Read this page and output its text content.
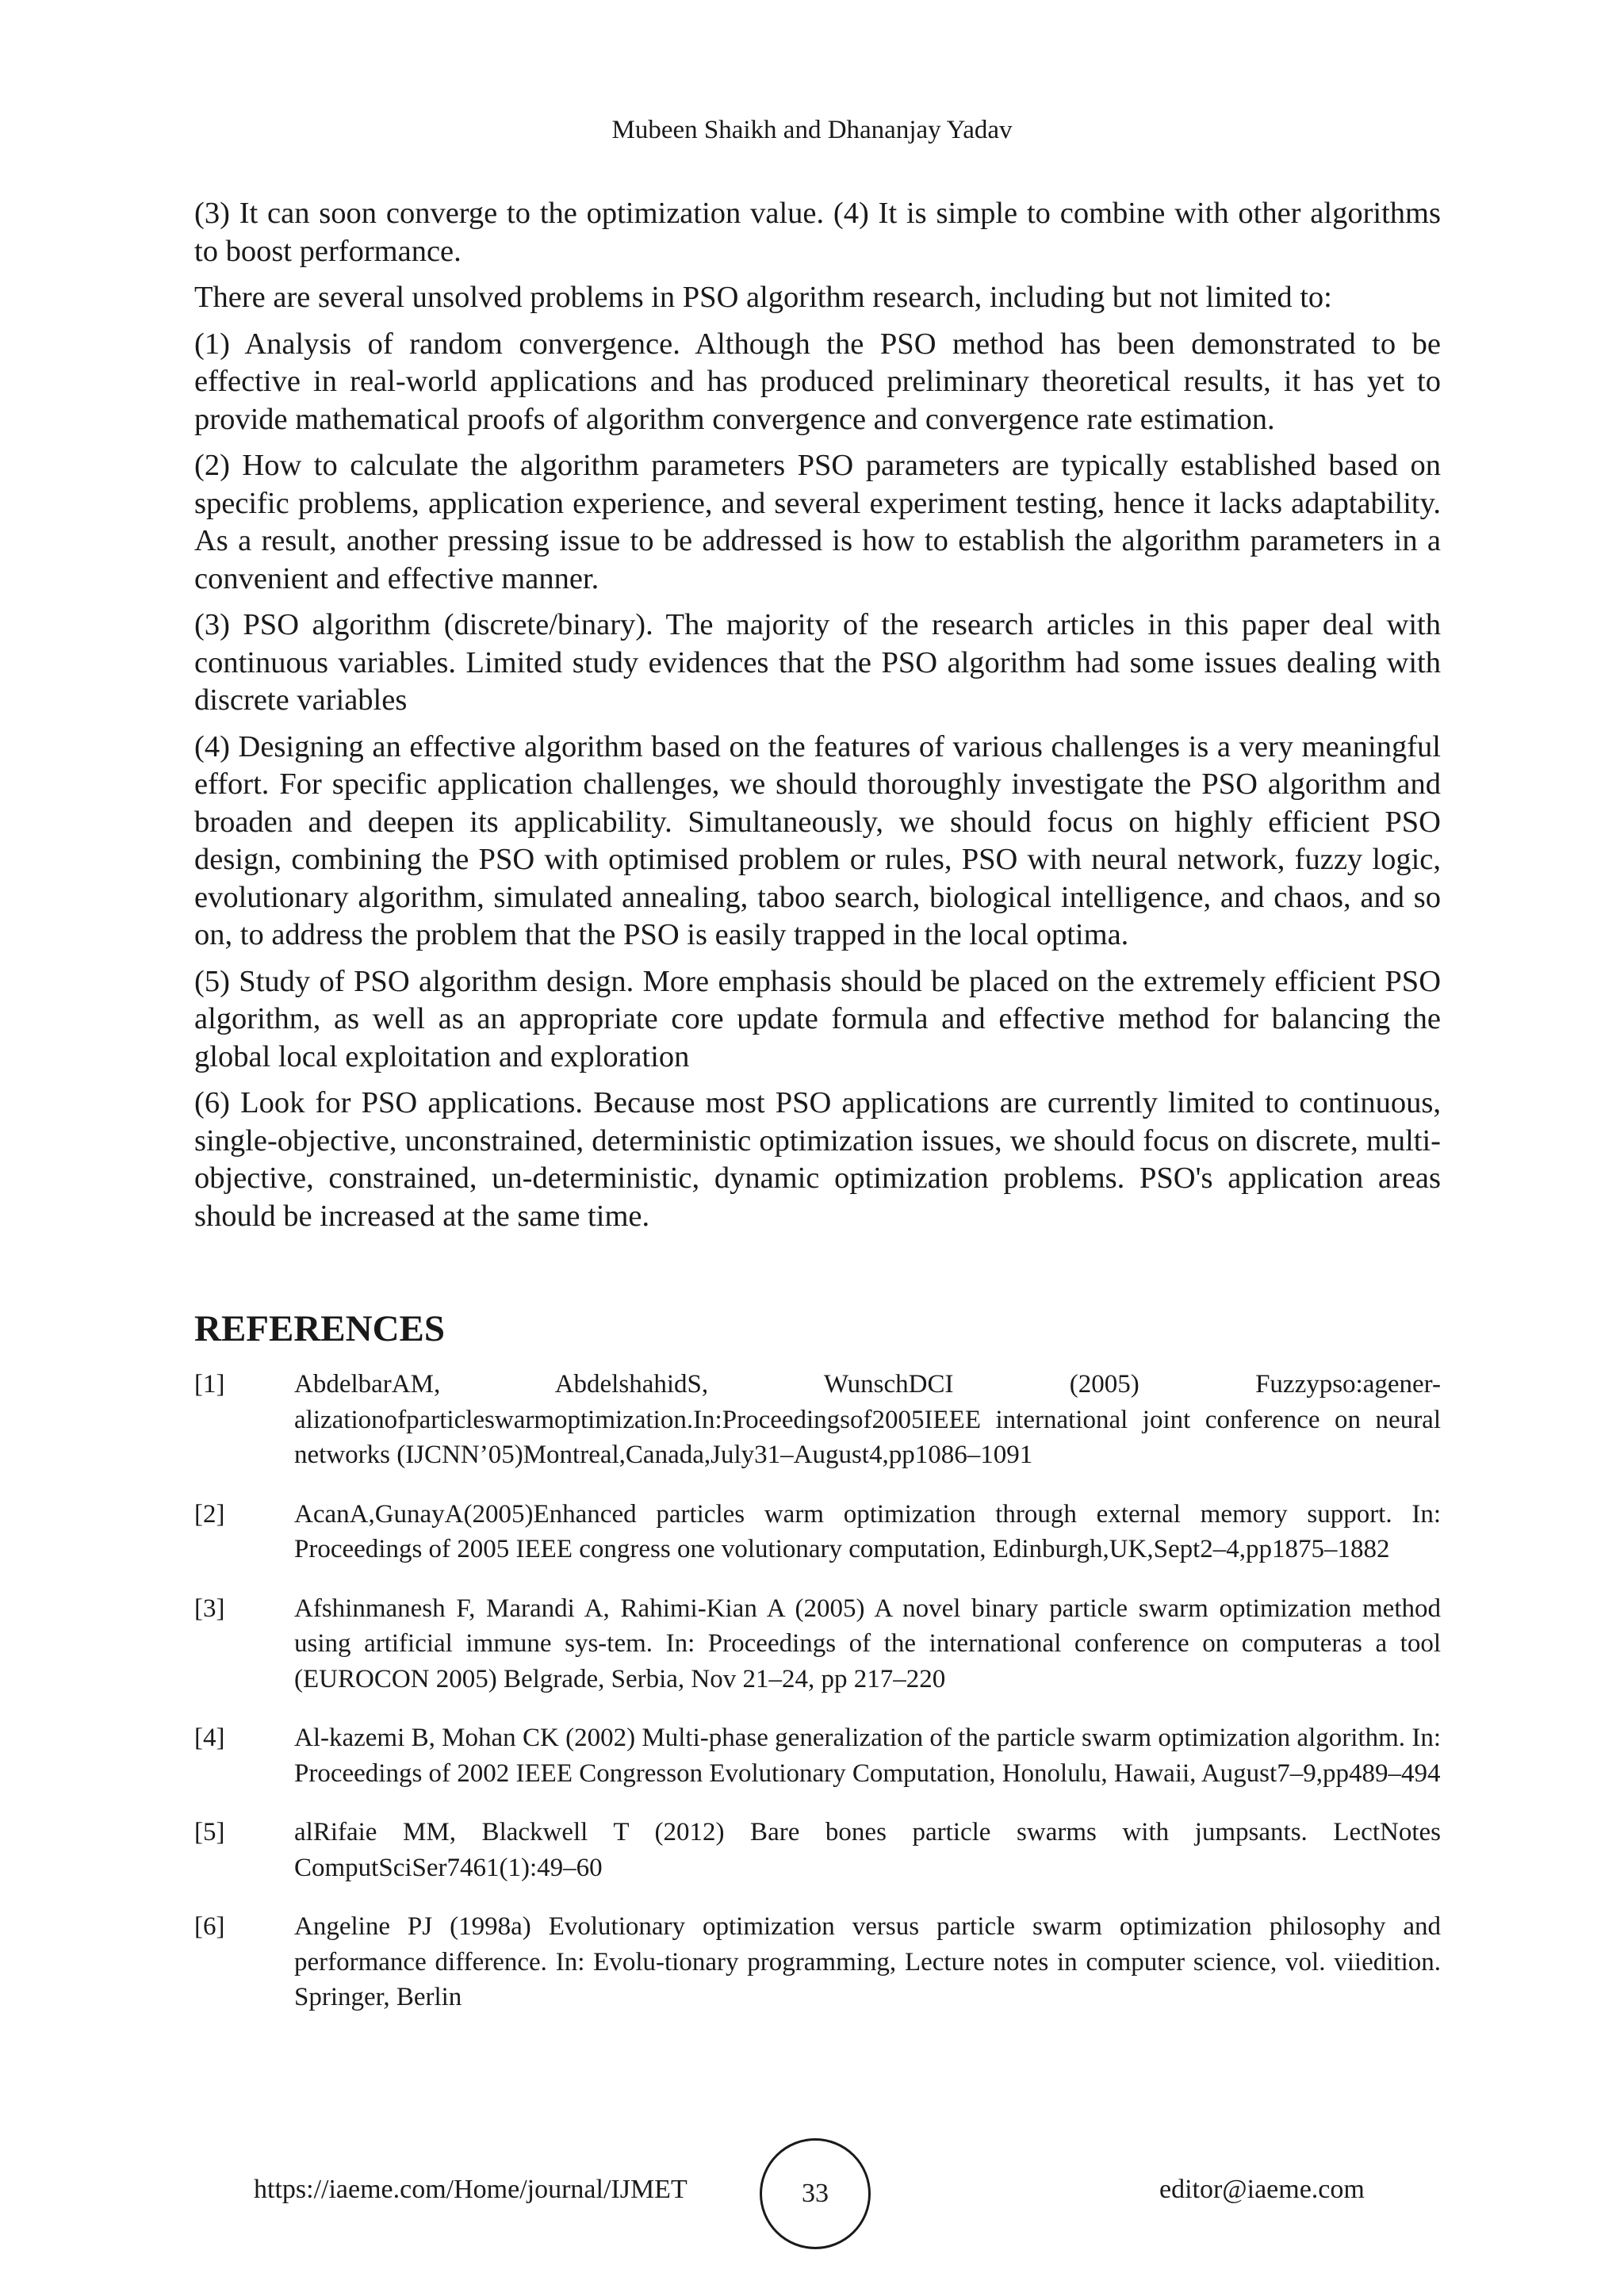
Mubeen Shaikh and Dhananjay Yadav

(3) It can soon converge to the optimization value. (4) It is simple to combine with other algorithms to boost performance.

There are several unsolved problems in PSO algorithm research, including but not limited to:

(1) Analysis of random convergence. Although the PSO method has been demonstrated to be effective in real-world applications and has produced preliminary theoretical results, it has yet to provide mathematical proofs of algorithm convergence and convergence rate estimation.

(2) How to calculate the algorithm parameters PSO parameters are typically established based on specific problems, application experience, and several experiment testing, hence it lacks adaptability. As a result, another pressing issue to be addressed is how to establish the algorithm parameters in a convenient and effective manner.

(3) PSO algorithm (discrete/binary). The majority of the research articles in this paper deal with continuous variables. Limited study evidences that the PSO algorithm had some issues dealing with discrete variables

(4) Designing an effective algorithm based on the features of various challenges is a very meaningful effort. For specific application challenges, we should thoroughly investigate the PSO algorithm and broaden and deepen its applicability. Simultaneously, we should focus on highly efficient PSO design, combining the PSO with optimised problem or rules, PSO with neural network, fuzzy logic, evolutionary algorithm, simulated annealing, taboo search, biological intelligence, and chaos, and so on, to address the problem that the PSO is easily trapped in the local optima.

(5) Study of PSO algorithm design. More emphasis should be placed on the extremely efficient PSO algorithm, as well as an appropriate core update formula and effective method for balancing the global local exploitation and exploration

(6) Look for PSO applications. Because most PSO applications are currently limited to continuous, single-objective, unconstrained, deterministic optimization issues, we should focus on discrete, multi-objective, constrained, un-deterministic, dynamic optimization problems. PSO's application areas should be increased at the same time.

REFERENCES
[1]	AbdelbarAM, AbdelshahidS, WunschDCI (2005) Fuzzypso:agener-alizationofparticleswarmoptimization.In:Proceedingsof2005IEEE international joint conference on neural networks (IJCNN’05)Montreal,Canada,July31–August4,pp1086–1091
[2]	AcanA,GunayA(2005)Enhanced particles warm optimization through external memory support. In: Proceedings of 2005 IEEE congress one volutionary computation, Edinburgh,UK,Sept2–4,pp1875–1882
[3]	Afshinmanesh F, Marandi A, Rahimi-Kian A (2005) A novel binary particle swarm optimization method using artificial immune sys-tem. In: Proceedings of the international conference on computeras a tool (EUROCON 2005) Belgrade, Serbia, Nov 21–24, pp 217–220
[4]	Al-kazemi B, Mohan CK (2002) Multi-phase generalization of the particle swarm optimization algorithm. In: Proceedings of 2002 IEEE Congresson Evolutionary Computation, Honolulu, Hawaii, August7–9,pp489–494
[5]	alRifaie MM, Blackwell T (2012) Bare bones particle swarms with jumpsants. LectNotes ComputSciSer7461(1):49–60
[6]	Angeline PJ (1998a) Evolutionary optimization versus particle swarm optimization philosophy and performance difference. In: Evolu-tionary programming, Lecture notes in computer science, vol. viiedition. Springer, Berlin
https://iaeme.com/Home/journal/IJMET	33	editor@iaeme.com
